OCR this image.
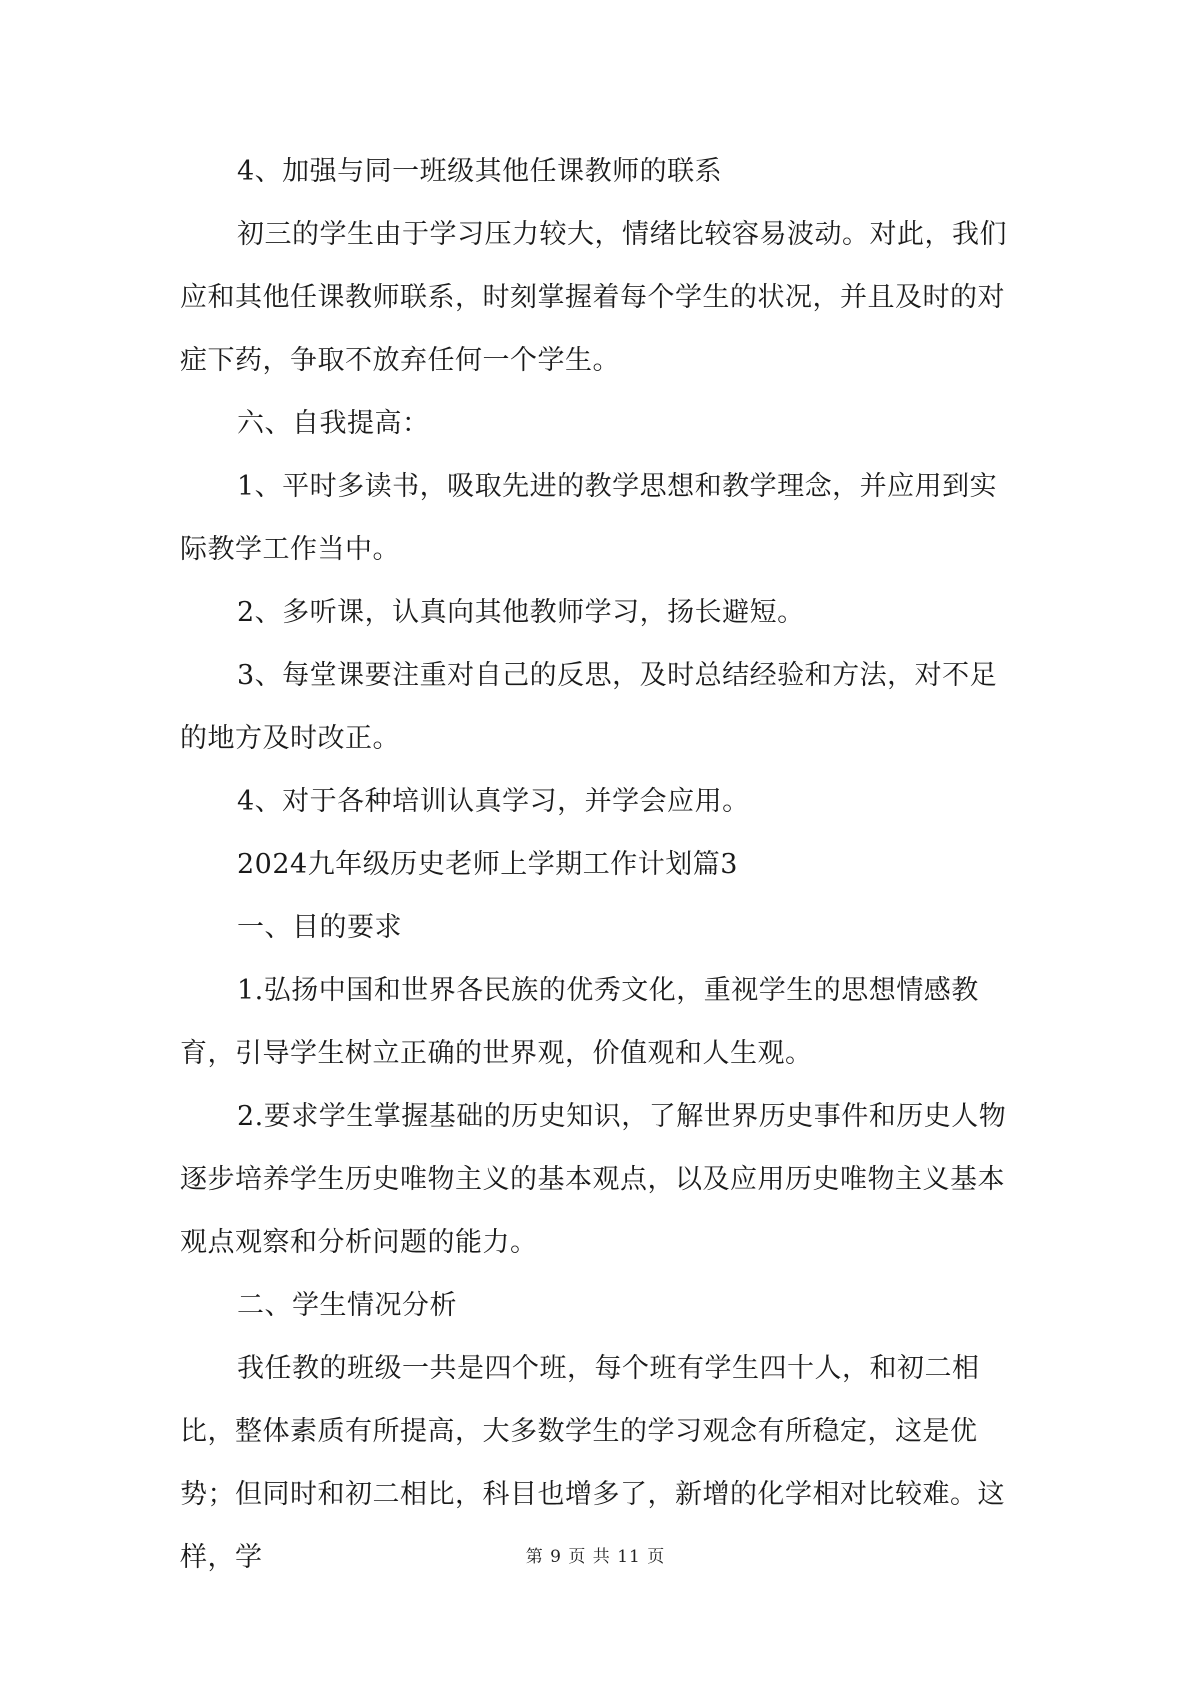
4、加强与同一班级其他任课教师的联系

初三的学生由于学习压力较大，情绪比较容易波动。对此，我们应和其他任课教师联系，时刻掌握着每个学生的状况，并且及时的对症下药，争取不放弃任何一个学生。

六、自我提高：

1、平时多读书，吸取先进的教学思想和教学理念，并应用到实际教学工作当中。

2、多听课，认真向其他教师学习，扬长避短。

3、每堂课要注重对自己的反思，及时总结经验和方法，对不足的地方及时改正。

4、对于各种培训认真学习，并学会应用。

2024九年级历史老师上学期工作计划篇3

一、目的要求

1.弘扬中国和世界各民族的优秀文化，重视学生的思想情感教育，引导学生树立正确的世界观，价值观和人生观。

2.要求学生掌握基础的历史知识，了解世界历史事件和历史人物逐步培养学生历史唯物主义的基本观点，以及应用历史唯物主义基本观点观察和分析问题的能力。

二、学生情况分析

我任教的班级一共是四个班，每个班有学生四十人，和初二相比，整体素质有所提高，大多数学生的学习观念有所稳定，这是优势；但同时和初二相比，科目也增多了，新增的化学相对比较难。这样，学	第 9 页 共 11 页
